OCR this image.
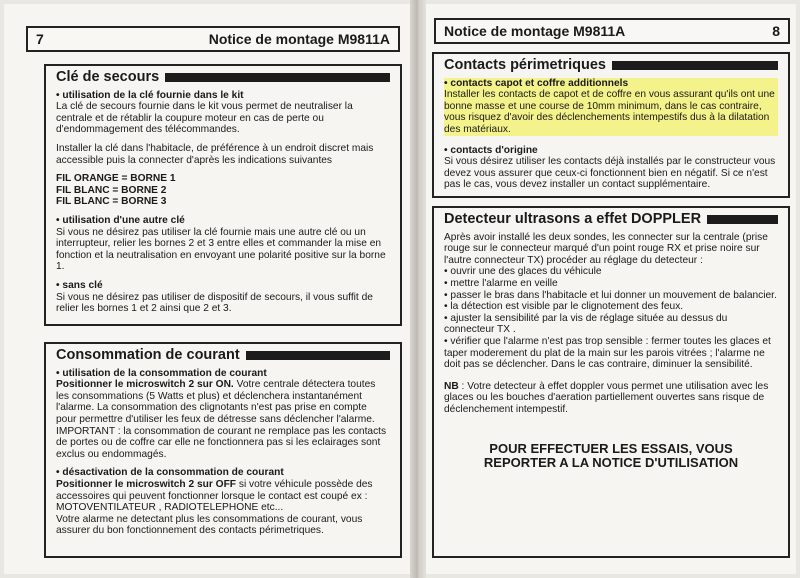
7	Notice de montage M9811A
Clé de secours
• utilisation de la clé fournie dans le kit

La clé de secours fournie dans le kit vous permet de neutraliser la centrale et de rétablir la coupure moteur en cas de perte ou d'endommagement des télécommandes.

Installer la clé dans l'habitacle, de préférence à un endroit discret mais accessible puis la connecter d'après les indications suivantes

FIL ORANGE = BORNE 1
FIL BLANC = BORNE 2
FIL BLANC = BORNE 3
• utilisation d'une autre clé

Si vous ne désirez pas utiliser la clé fournie mais une autre clé ou un interrupteur, relier les bornes 2 et 3 entre elles et commander la mise en fonction et la neutralisation en envoyant une polarité positive sur la borne 1.

• sans clé

Si vous ne désirez pas utiliser de dispositif de secours, il vous suffit de relier les bornes 1 et 2 ainsi que 2 et 3.

Consommation de courant
• utilisation de la consommation de courant

Positionner le microswitch 2 sur ON. Votre centrale détectera toutes les consommations (5 Watts et plus) et déclenchera instantanément l'alarme. La consommation des clignotants n'est pas prise en compte pour permettre d'utiliser les feux de détresse sans déclencher l'alarme.

IMPORTANT : la consommation de courant ne remplace pas les contacts de portes ou de coffre car elle ne fonctionnera pas si les eclairages sont exclus ou endommagés.

• désactivation de la consommation de courant

Positionner le microswitch 2 sur OFF si votre véhicule possède des accessoires qui peuvent fonctionner lorsque le contact est coupé ex : MOTOVENTILATEUR , RADIOTELEPHONE etc...

Votre alarme ne detectant plus les consommations de courant, vous assurer du bon fonctionnement des contacts périmetriques.

Notice de montage M9811A	8
Contacts périmetriques
• contacts capot et coffre additionnels

Installer les contacts de capot et de coffre en vous assurant qu'ils ont une bonne masse et une course de 10mm minimum, dans le cas contraire, vous risquez d'avoir des déclenchements intempestifs dus à la dilatation des matériaux.

• contacts d'origine

Si vous désirez utiliser les contacts déjà installés par le constructeur vous devez vous assurer que ceux-ci fonctionnent bien en négatif. Si ce n'est pas le cas, vous devez installer un contact supplémentaire.

Detecteur ultrasons a effet DOPPLER

Après avoir installé les deux sondes, les connecter sur la centrale (prise rouge sur le connecteur marqué d'un point rouge RX et prise noire sur l'autre connecteur TX) procéder au réglage du detecteur :

• ouvrir une des glaces du véhicule
• mettre l'alarme en veille
• passer le bras dans l'habitacle et lui donner un mouvement de balancier.
• la détection est visible par le clignotement des feux.
• ajuster la sensibilité par la vis de réglage située au dessus du connecteur TX .
• vérifier que l'alarme n'est pas trop sensible : fermer toutes les glaces et taper moderement du plat de la main sur les parois vitrées ; l'alarme ne doit pas se déclencher. Dans le cas contraire, diminuer la sensibilité.

NB : Votre detecteur à effet doppler vous permet une utilisation avec les glaces ou les bouches d'aeration partiellement ouvertes sans risque de déclenchement intempestif.

POUR EFFECTUER LES ESSAIS, VOUS
REPORTER A LA NOTICE D'UTILISATION
